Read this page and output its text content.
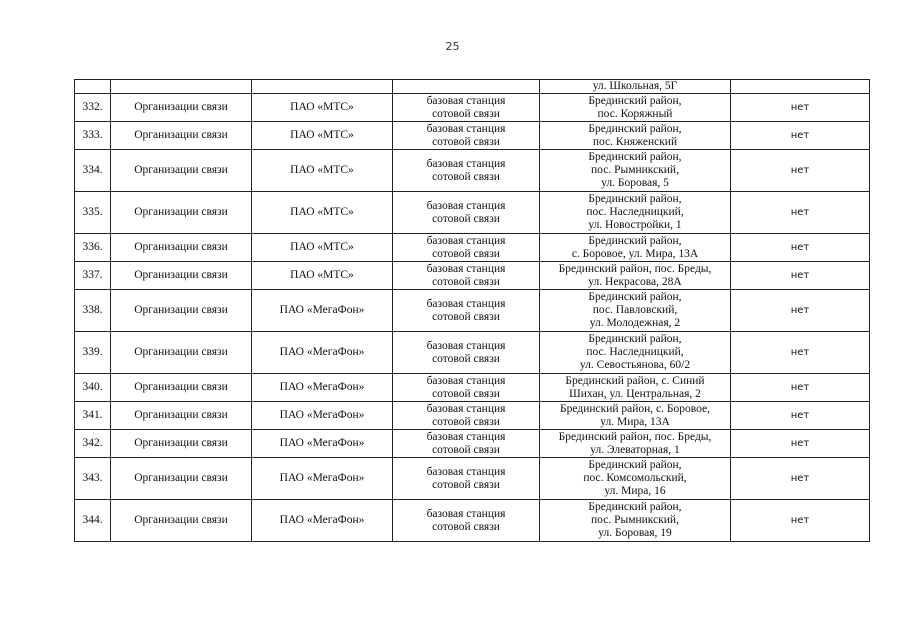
25
				ул. Школьная, 5Г	
332.	Организации связи	ПАО «МТС»	базовая станция
сотовой связи	Брединский район,
пос. Коряжный	нет
333.	Организации связи	ПАО «МТС»	базовая станция
сотовой связи	Брединский район,
пос. Княженский	нет
334.	Организации связи	ПАО «МТС»	базовая станция
сотовой связи	Брединский район,
пос. Рымникский,
ул. Боровая, 5	нет
335.	Организации связи	ПАО «МТС»	базовая станция
сотовой связи	Брединский район,
пос. Наследницкий,
ул. Новостройки, 1	нет
336.	Организации связи	ПАО «МТС»	базовая станция
сотовой связи	Брединский район,
с. Боровое, ул. Мира, 13А	нет
337.	Организации связи	ПАО «МТС»	базовая станция
сотовой связи	Брединский район, пос. Бреды,
ул. Некрасова, 28А	нет
338.	Организации связи	ПАО «МегаФон»	базовая станция
сотовой связи	Брединский район,
пос. Павловский,
ул. Молодежная, 2	нет
339.	Организации связи	ПАО «МегаФон»	базовая станция
сотовой связи	Брединский район,
пос. Наследницкий,
ул. Севостьянова, 60/2	нет
340.	Организации связи	ПАО «МегаФон»	базовая станция
сотовой связи	Брединский район, с. Синий
Шихан, ул. Центральная, 2	нет
341.	Организации связи	ПАО «МегаФон»	базовая станция
сотовой связи	Брединский район, с. Боровое,
ул. Мира, 13А	нет
342.	Организации связи	ПАО «МегаФон»	базовая станция
сотовой связи	Брединский район, пос. Бреды,
ул. Элеваторная, 1	нет
343.	Организации связи	ПАО «МегаФон»	базовая станция
сотовой связи	Брединский район,
пос. Комсомольский,
ул. Мира, 16	нет
344.	Организации связи	ПАО «МегаФон»	базовая станция
сотовой связи	Брединский район,
пос. Рымникский,
ул. Боровая, 19	нет
